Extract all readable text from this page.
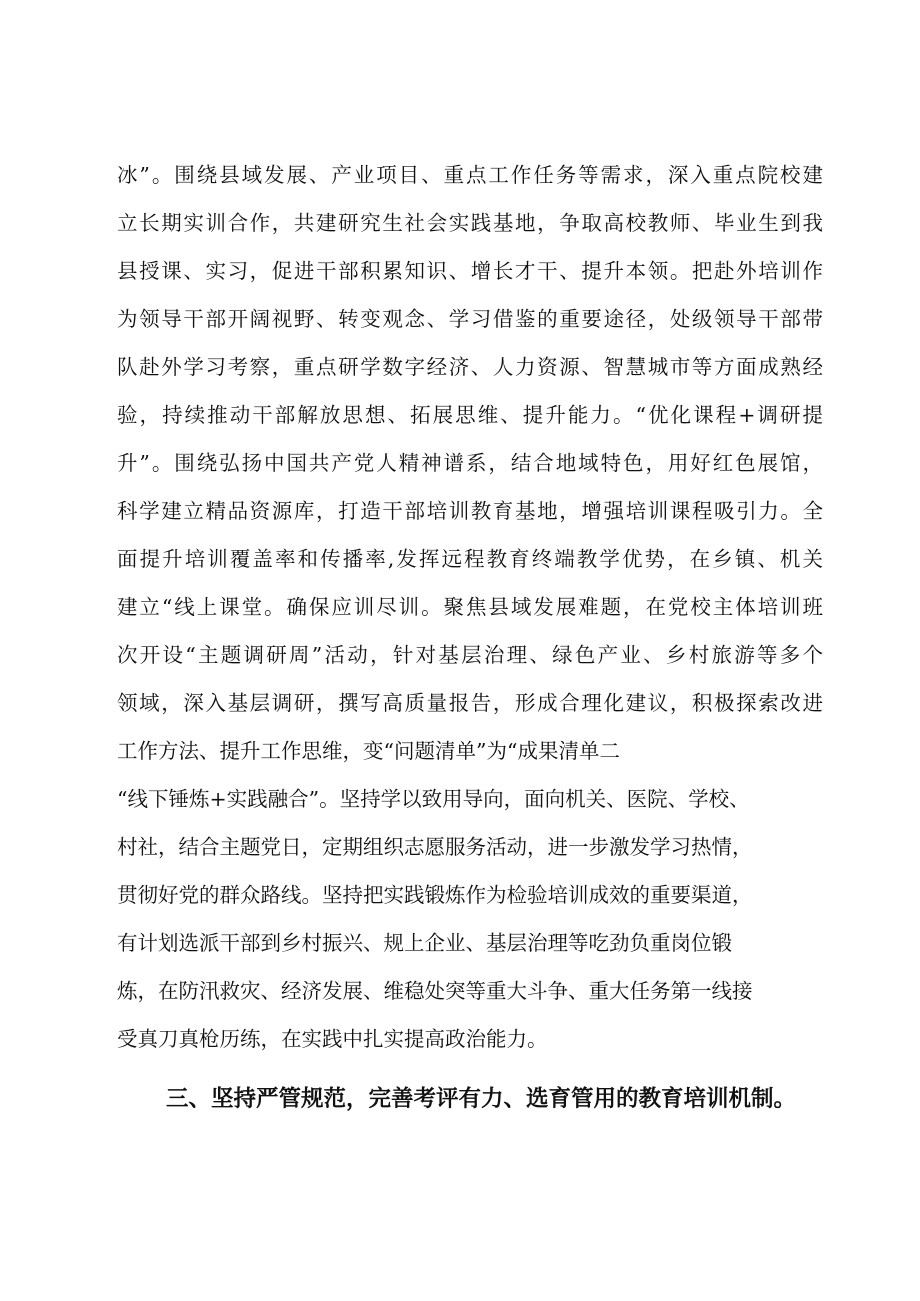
冰”。围绕县域发展、产业项目、重点工作任务等需求，深入重点院校建

立长期实训合作，共建研究生社会实践基地，争取高校教师、毕业生到我

县授课、实习，促进干部积累知识、增长才干、提升本领。把赴外培训作

为领导干部开阔视野、转变观念、学习借鉴的重要途径，处级领导干部带

队赴外学习考察，重点研学数字经济、人力资源、智慧城市等方面成熟经

验，持续推动干部解放思想、拓展思维、提升能力。“优化课程+调研提

升”。围绕弘扬中国共产党人精神谱系，结合地域特色，用好红色展馆，

科学建立精品资源库，打造干部培训教育基地，增强培训课程吸引力。全

面提升培训覆盖率和传播率,发挥远程教育终端教学优势，在乡镇、机关

建立“线上课堂。确保应训尽训。聚焦县域发展难题，在党校主体培训班

次开设“主题调研周”活动，针对基层治理、绿色产业、乡村旅游等多个

领域，深入基层调研，撰写高质量报告，形成合理化建议，积极探索改进

工作方法、提升工作思维，变“问题清单”为“成果清单二

“线下锤炼+实践融合”。坚持学以致用导向，面向机关、医院、学校、

村社，结合主题党日，定期组织志愿服务活动，进一步激发学习热情，

贯彻好党的群众路线。坚持把实践锻炼作为检验培训成效的重要渠道，

有计划选派干部到乡村振兴、规上企业、基层治理等吃劲负重岗位锻

炼，在防汛救灾、经济发展、维稳处突等重大斗争、重大任务第一线接

受真刀真枪历练，在实践中扎实提高政治能力。

三、坚持严管规范，完善考评有力、选育管用的教育培训机制。
